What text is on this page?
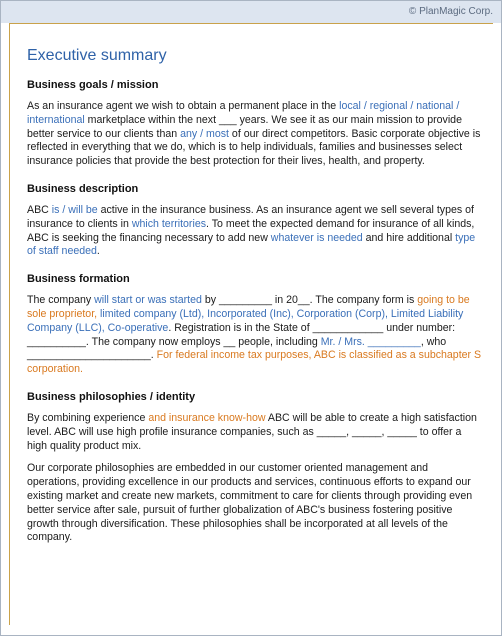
© PlanMagic Corp.
Executive summary
Business goals / mission

As an insurance agent we wish to obtain a permanent place in the local / regional / national / international marketplace within the next ___ years. We see it as our main mission to provide better service to our clients than any / most of our direct competitors. Basic corporate objective is reflected in everything that we do, which is to help individuals, families and businesses select insurance policies that provide the best protection for their lives, health, and property.

Business description

ABC is / will be active in the insurance business. As an insurance agent we sell several types of insurance to clients in which territories. To meet the expected demand for insurance of all kinds, ABC is seeking the financing necessary to add new whatever is needed and hire additional type of staff needed.

Business formation

The company will start or was started by _________ in 20__. The company form is going to be sole proprietor, limited company (Ltd), Incorporated (Inc), Corporation (Corp), Limited Liability Company (LLC), Co-operative. Registration is in the State of ____________ under number: __________. The company now employs __ people, including Mr. / Mrs. _________, who _____________________. For federal income tax purposes, ABC is classified as a subchapter S corporation.

Business philosophies / identity

By combining experience and insurance know-how ABC will be able to create a high satisfaction level. ABC will use high profile insurance companies, such as _____, _____, _____ to offer a high quality product mix.

Our corporate philosophies are embedded in our customer oriented management and operations, providing excellence in our products and services, continuous efforts to expand our existing market and create new markets, commitment to care for clients through providing even better service after sale, pursuit of further globalization of ABC's business fostering positive growth through diversification. These philosophies shall be incorporated at all levels of the company.
